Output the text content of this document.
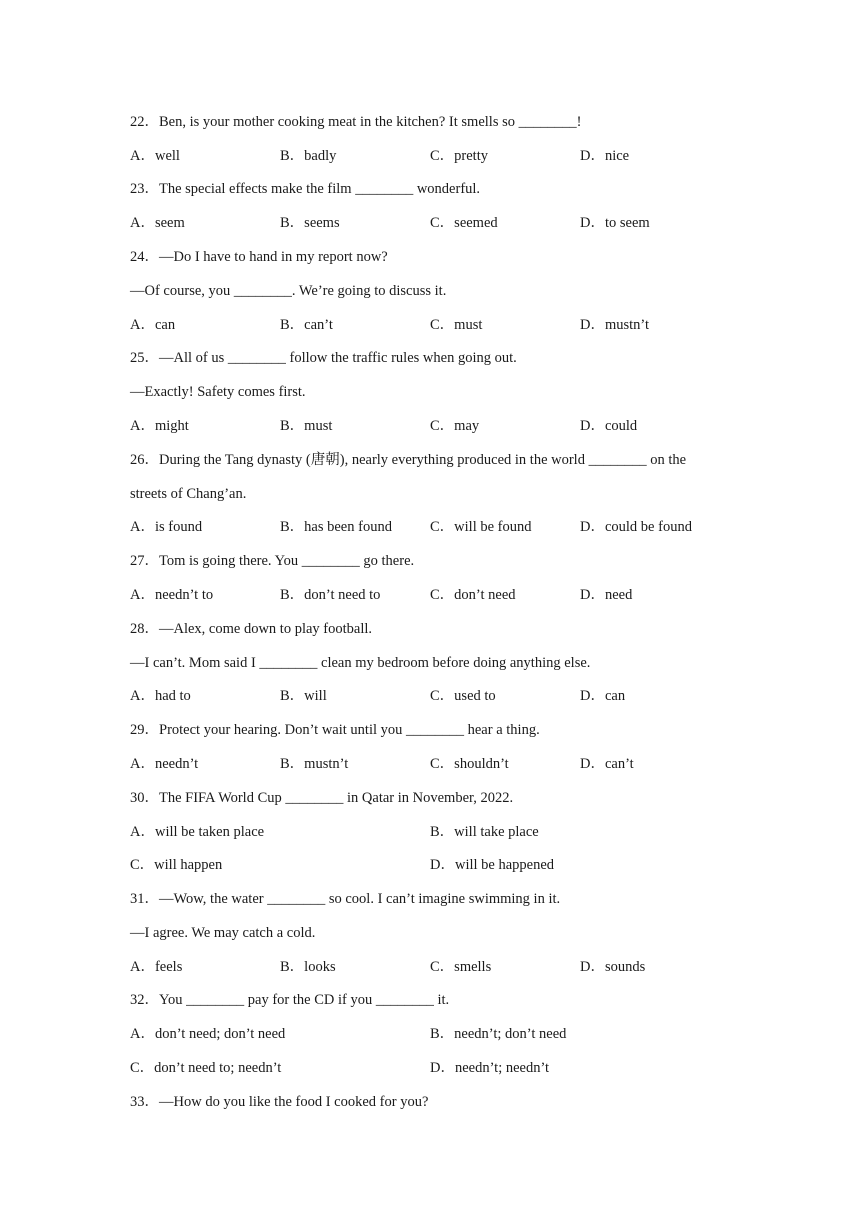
22．Ben, is your mother cooking meat in the kitchen? It smells so ________!
A．well	B．badly	C．pretty	D．nice
23．The special effects make the film ________ wonderful.
A．seem	B．seems	C．seemed	D．to seem
24．—Do I have to hand in my report now?
—Of course, you ________. We’re going to discuss it.
A．can	B．can’t	C．must	D．mustn’t
25．—All of us ________ follow the traffic rules when going out.
—Exactly! Safety comes first.
A．might	B．must	C．may	D．could
26．During the Tang dynasty (唐朝), nearly everything produced in the world ________ on the
streets of Chang’an.
A．is found	B．has been found	C．will be found	D．could be found
27．Tom is going there. You ________ go there.
A．needn’t to	B．don’t need to	C．don’t need	D．need
28．—Alex, come down to play football.
—I can’t. Mom said I ________ clean my bedroom before doing anything else.
A．had to	B．will	C．used to	D．can
29．Protect your hearing. Don’t wait until you ________ hear a thing.
A．needn’t	B．mustn’t	C．shouldn’t	D．can’t
30．The FIFA World Cup ________ in Qatar in November, 2022.
A．will be taken place	B．will take place
C．will happen	D．will be happened
31．—Wow, the water ________ so cool. I can’t imagine swimming in it.
—I agree. We may catch a cold.
A．feels	B．looks	C．smells	D．sounds
32．You ________ pay for the CD if you ________ it.
A．don’t need; don’t need	B．needn’t; don’t need
C．don’t need to; needn’t	D．needn’t; needn’t
33．—How do you like the food I cooked for you?
